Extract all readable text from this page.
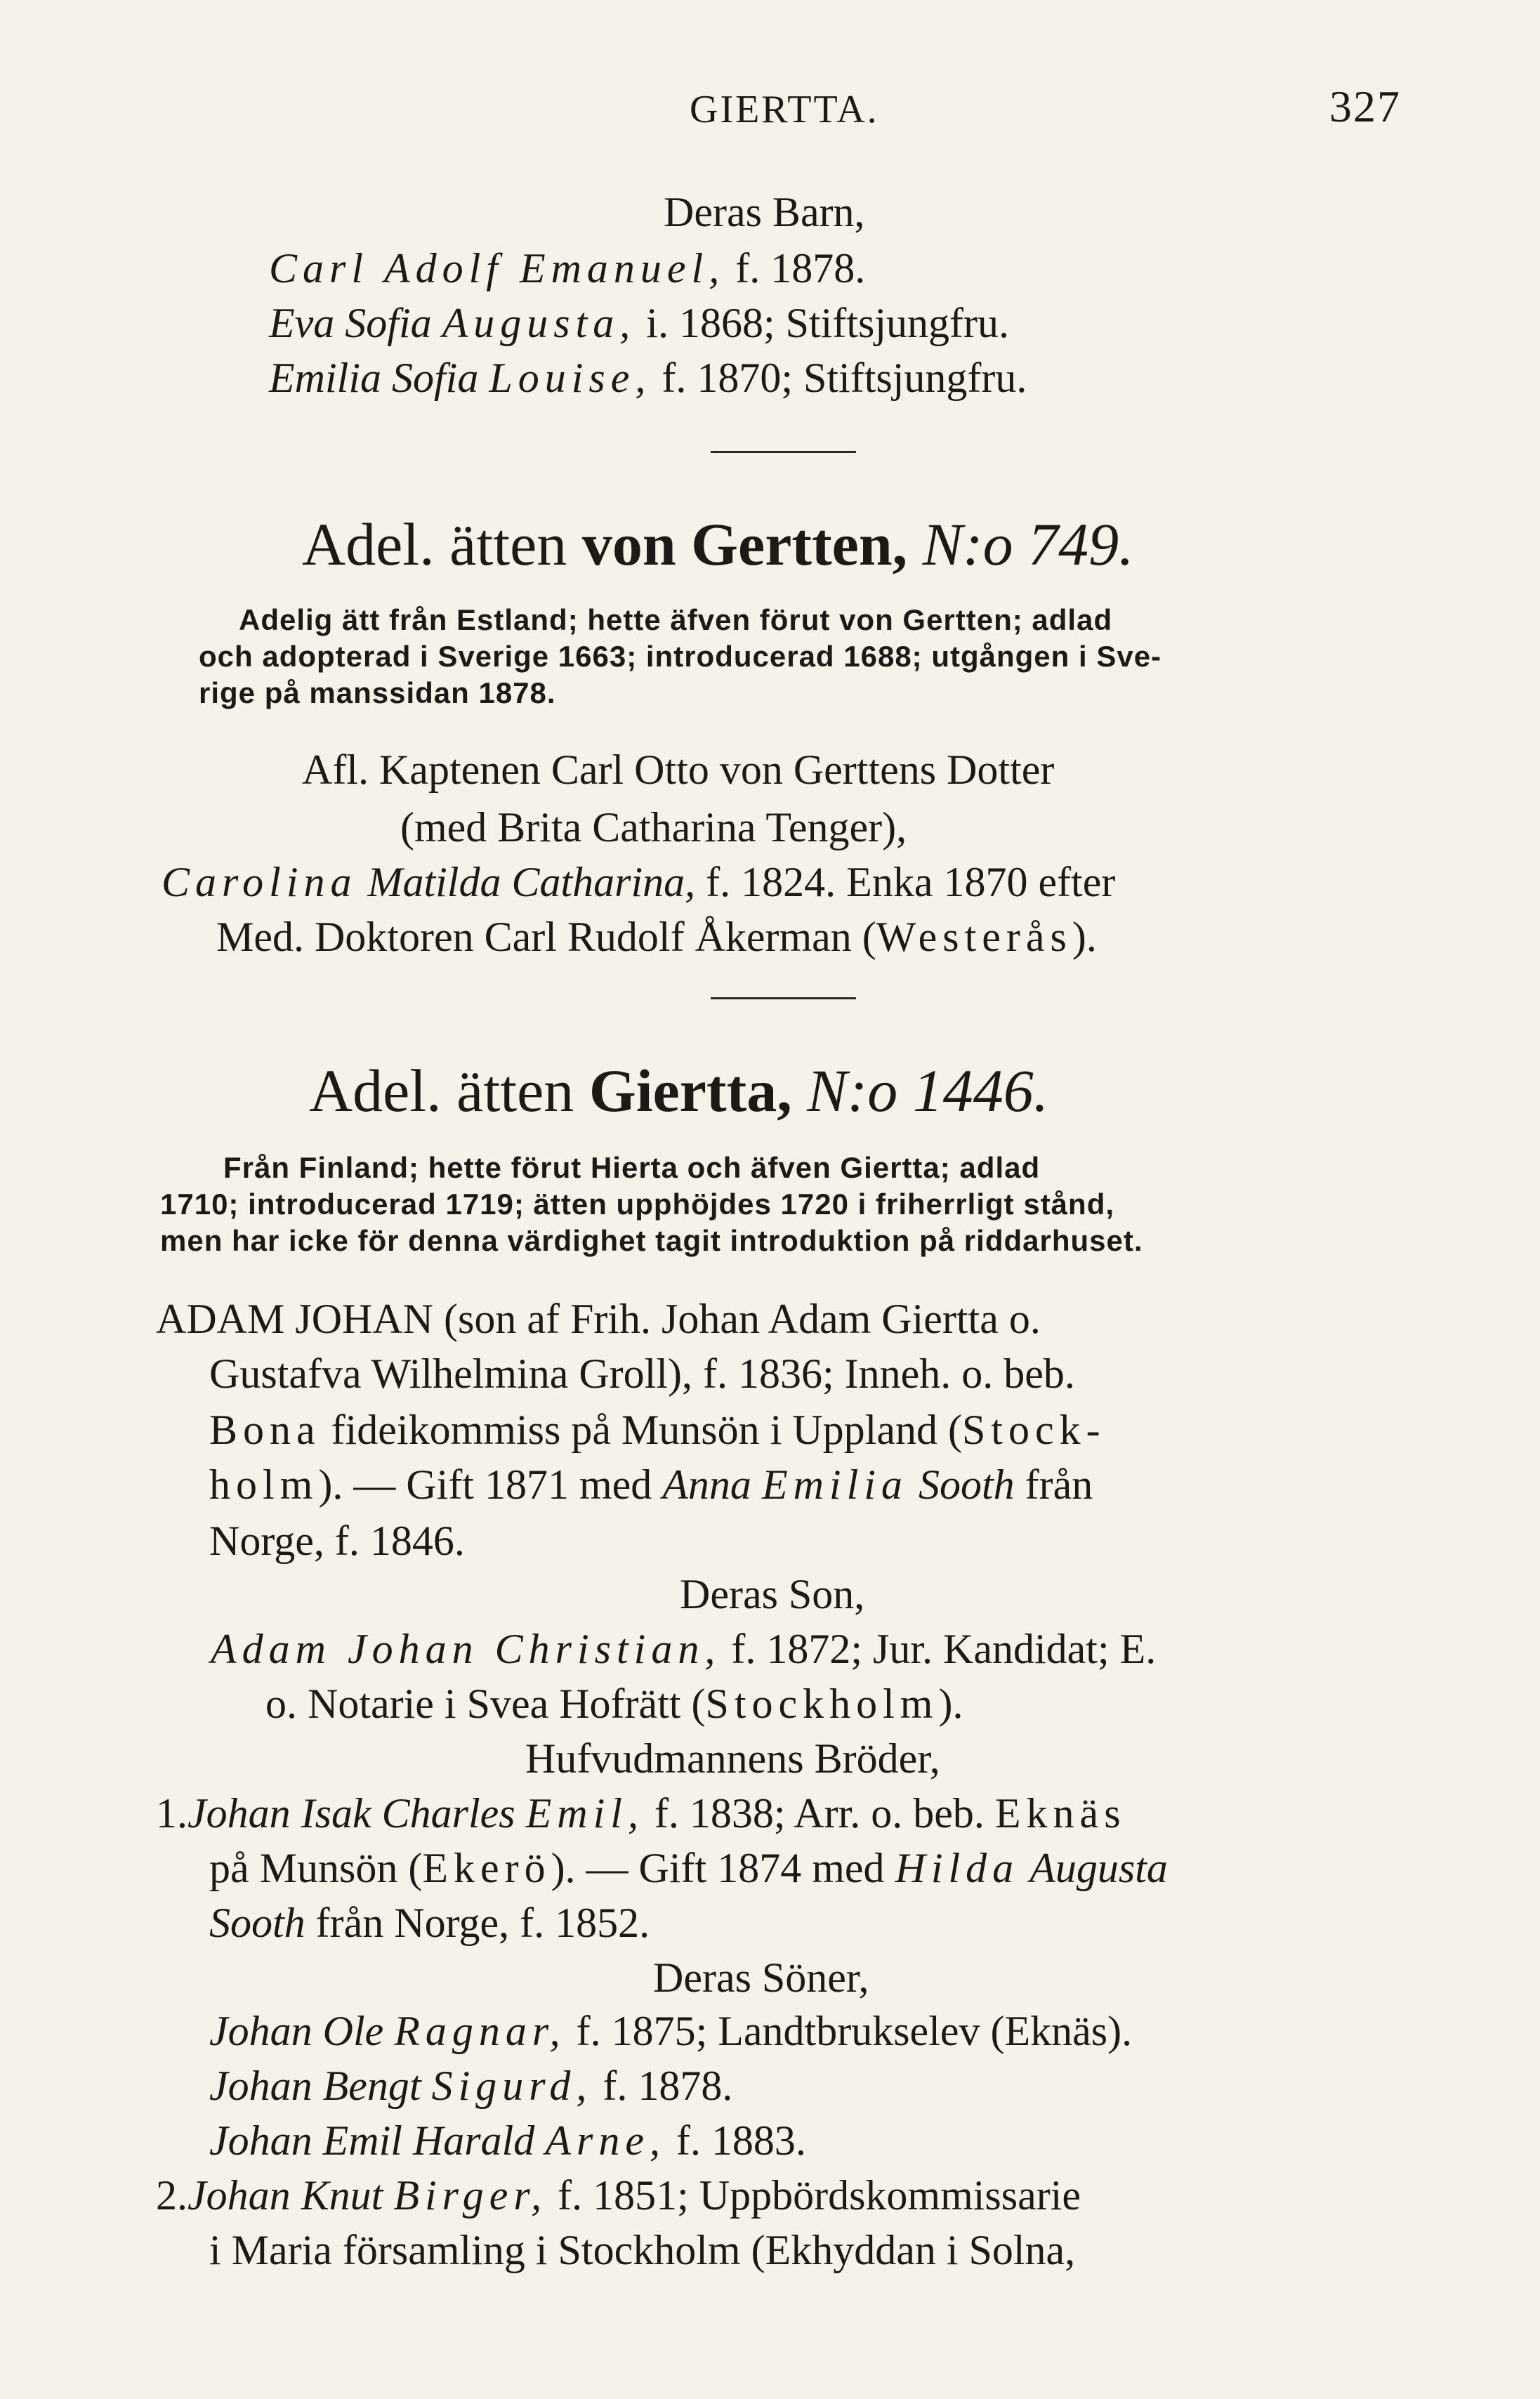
GIERTTA.	327
Deras Barn,
Carl Adolf Emanuel, f. 1878.
Eva Sofia Augusta, i. 1868; Stiftsjungfru.
Emilia Sofia Louise, f. 1870; Stiftsjungfru.
Adel. ätten von Gertten, N:o 749.
Adelig ätt från Estland; hette äfven förut von Gertten; adlad
och adopterad i Sverige 1663; introducerad 1688; utgången i Sve-
rige på manssidan 1878.
Afl. Kaptenen Carl Otto von Gerttens Dotter
(med Brita Catharina Tenger),
Carolina Matilda Catharina, f. 1824. Enka 1870 efter
Med. Doktoren Carl Rudolf Åkerman (Westerås).
Adel. ätten Giertta, N:o 1446.
Från Finland; hette förut Hierta och äfven Giertta; adlad
1710; introducerad 1719; ätten upphöjdes 1720 i friherrligt stånd,
men har icke för denna värdighet tagit introduktion på riddarhuset.
ADAM JOHAN (son af Frih. Johan Adam Giertta o.
Gustafva Wilhelmina Groll), f. 1836; Inneh. o. beb.
Bona fideikommiss på Munsön i Uppland (Stock-
holm). — Gift 1871 med Anna Emilia Sooth från
Norge, f. 1846.
Deras Son,
Adam Johan Christian, f. 1872; Jur. Kandidat; E.
o. Notarie i Svea Hofrätt (Stockholm).
Hufvudmannens Bröder,
1.Johan Isak Charles Emil, f. 1838; Arr. o. beb. Eknäs
på Munsön (Ekerö). — Gift 1874 med Hilda Augusta
Sooth från Norge, f. 1852.
Deras Söner,
Johan Ole Ragnar, f. 1875; Landtbrukselev (Eknäs).
Johan Bengt Sigurd, f. 1878.
Johan Emil Harald Arne, f. 1883.
2.Johan Knut Birger, f. 1851; Uppbördskommissarie
i Maria församling i Stockholm (Ekhyddan i Solna,
